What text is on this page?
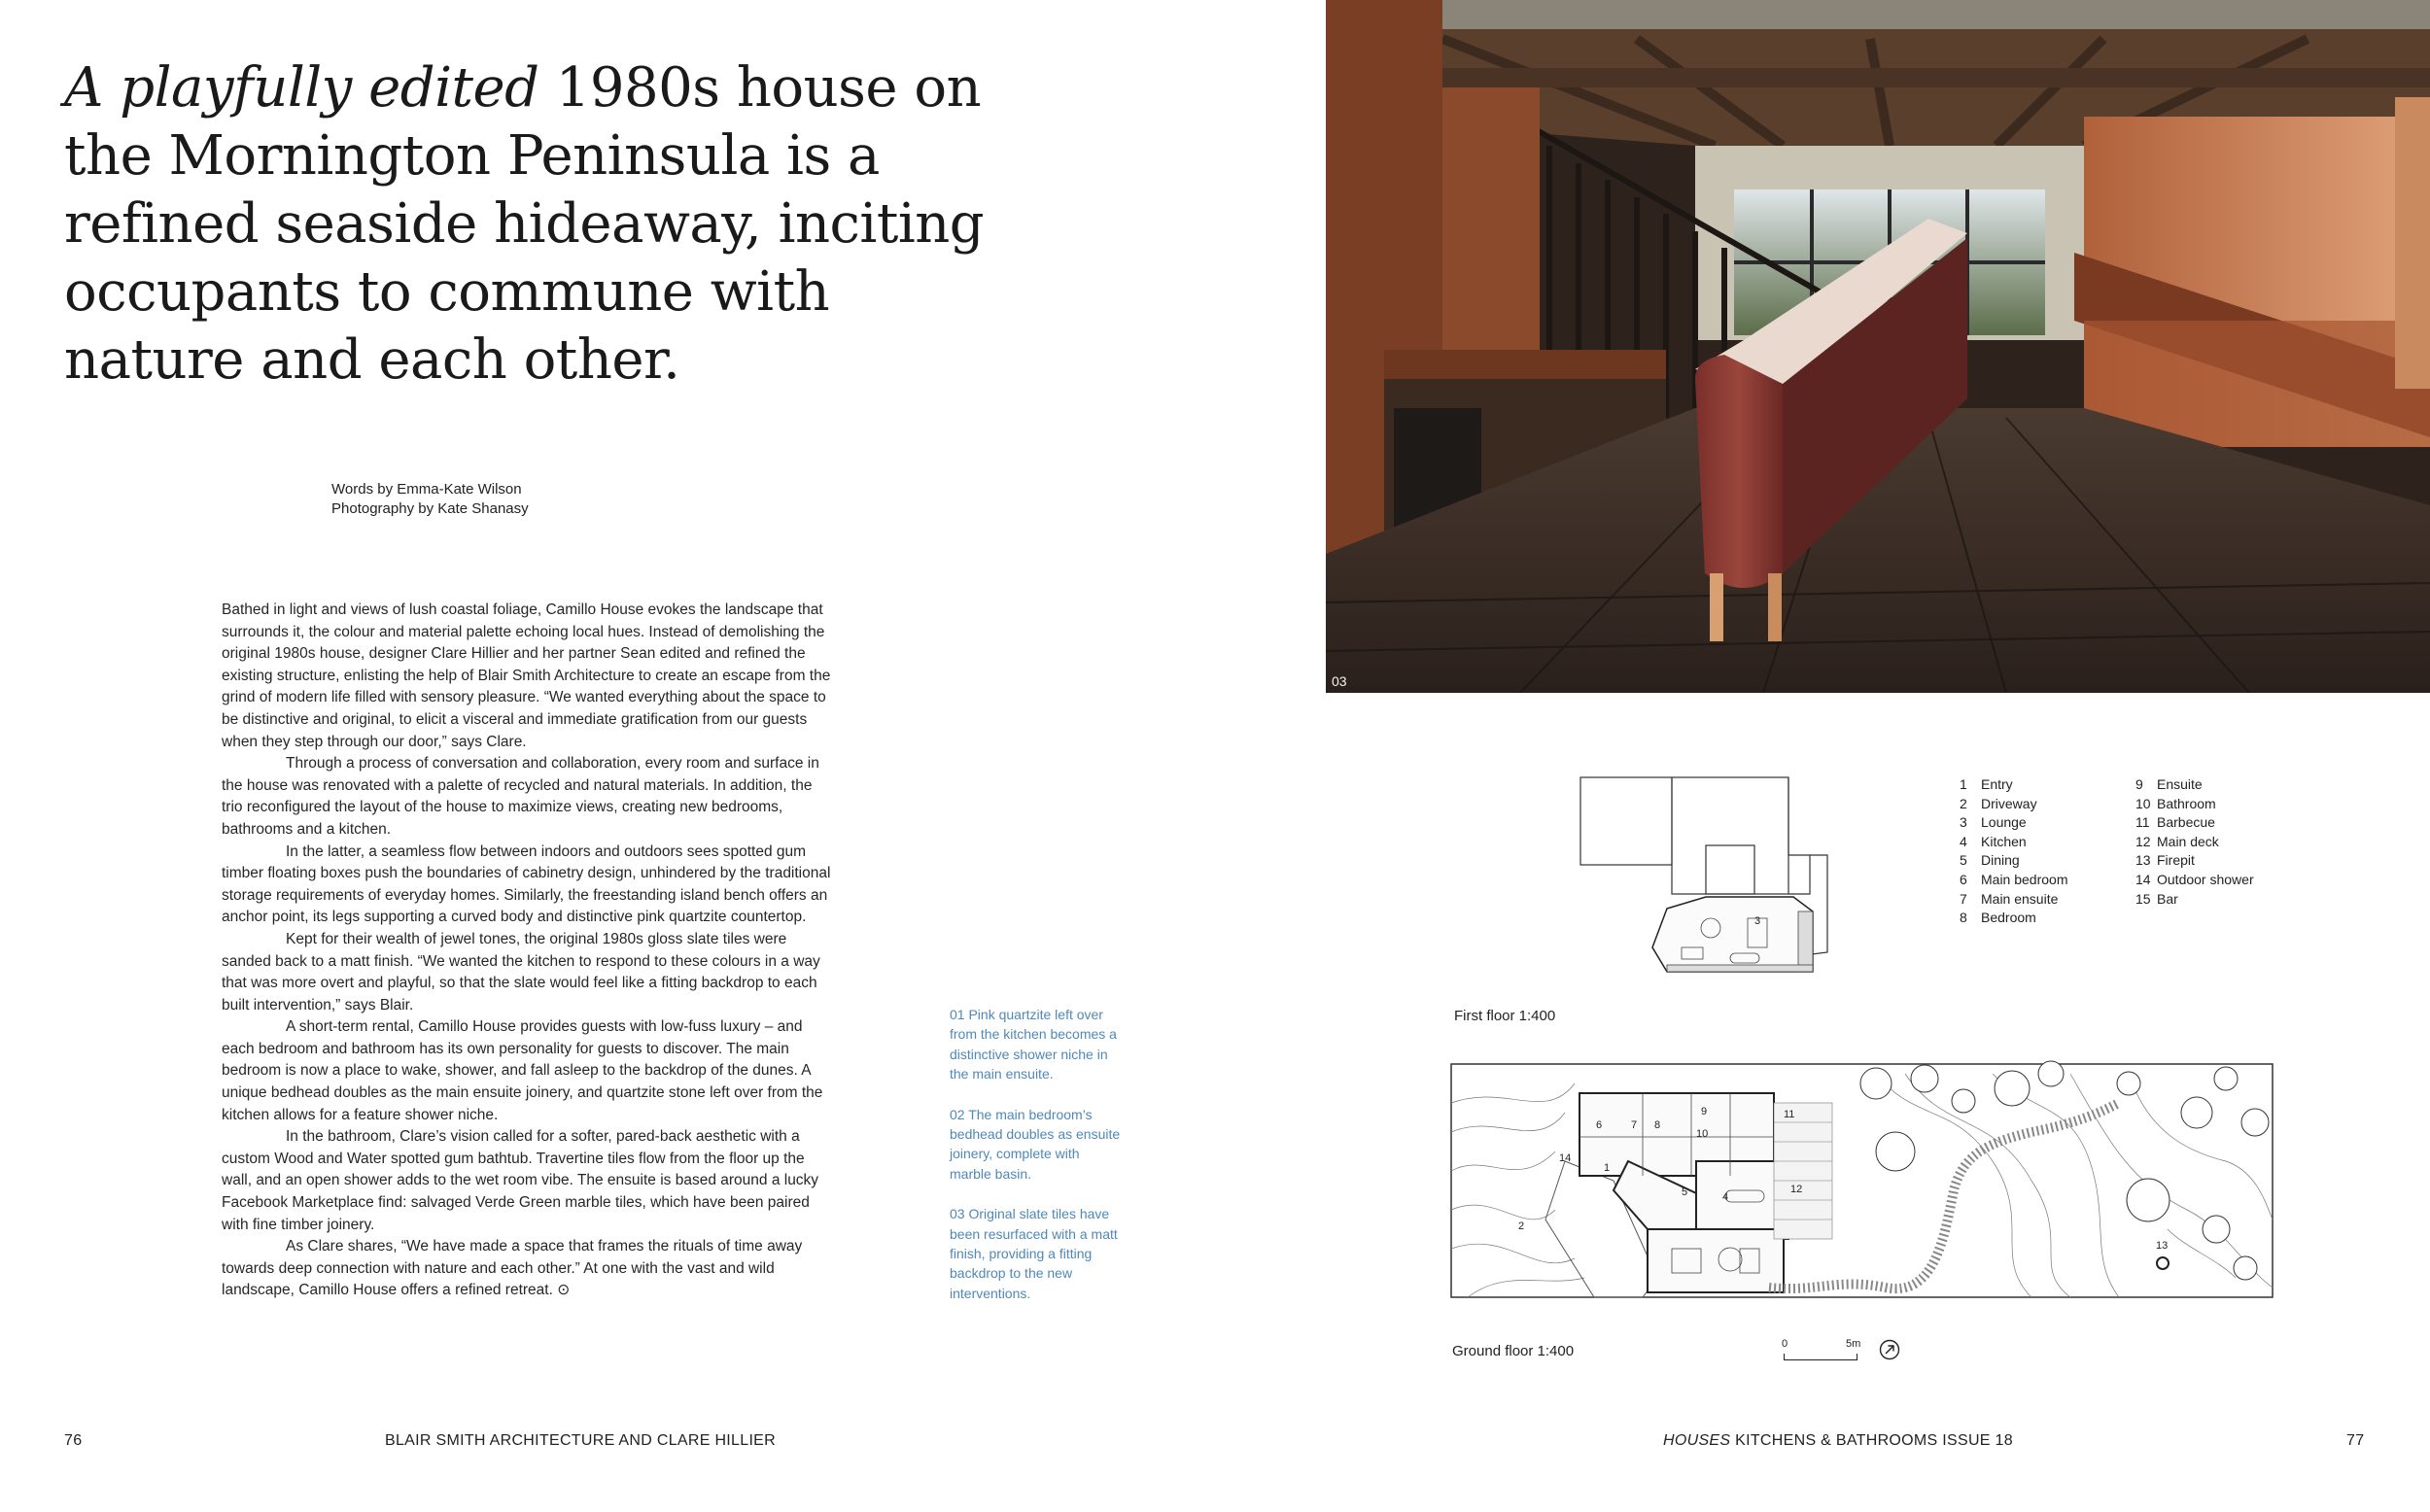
A playfully edited 1980s house on the Mornington Peninsula is a refined seaside hideaway, inciting occupants to commune with nature and each other.
Words by Emma-Kate Wilson
Photography by Kate Shanasy

Bathed in light and views of lush coastal foliage, Camillo House evokes the landscape that surrounds it, the colour and material palette echoing local hues. Instead of demolishing the original 1980s house, designer Clare Hillier and her partner Sean edited and refined the existing structure, enlisting the help of Blair Smith Architecture to create an escape from the grind of modern life filled with sensory pleasure. “We wanted everything about the space to be distinctive and original, to elicit a visceral and immediate gratification from our guests when they step through our door,” says Clare.

Through a process of conversation and collaboration, every room and surface in the house was renovated with a palette of recycled and natural materials. In addition, the trio reconfigured the layout of the house to maximize views, creating new bedrooms, bathrooms and a kitchen.

In the latter, a seamless flow between indoors and outdoors sees spotted gum timber floating boxes push the boundaries of cabinetry design, unhindered by the traditional storage requirements of everyday homes. Similarly, the freestanding island bench offers an anchor point, its legs supporting a curved body and distinctive pink quartzite countertop.

Kept for their wealth of jewel tones, the original 1980s gloss slate tiles were sanded back to a matt finish. “We wanted the kitchen to respond to these colours in a way that was more overt and playful, so that the slate would feel like a fitting backdrop to each built intervention,” says Blair.

A short-term rental, Camillo House provides guests with low-fuss luxury – and each bedroom and bathroom has its own personality for guests to discover. The main bedroom is now a place to wake, shower, and fall asleep to the backdrop of the dunes. A unique bedhead doubles as the main ensuite joinery, and quartzite stone left over from the kitchen allows for a feature shower niche.

In the bathroom, Clare’s vision called for a softer, pared-back aesthetic with a custom Wood and Water spotted gum bathtub. Travertine tiles flow from the floor up the wall, and an open shower adds to the wet room vibe. The ensuite is based around a lucky Facebook Marketplace find: salvaged Verde Green marble tiles, which have been paired with fine timber joinery.

As Clare shares, “We have made a space that frames the rituals of time away towards deep connection with nature and each other.” At one with the vast and wild landscape, Camillo House offers a refined retreat. ⊙

01 Pink quartzite left over from the kitchen becomes a distinctive shower niche in the main ensuite.

02 The main bedroom’s bedhead doubles as ensuite joinery, complete with marble basin.

03 Original slate tiles have been resurfaced with a matt finish, providing a fitting backdrop to the new interventions.

03
3
1 Entry
2 Driveway
3 Lounge
4 Kitchen
5 Dining
6 Main bedroom
7 Main ensuite
8 Bedroom
9 Ensuite
10 Bathroom
11 Barbecue
12 Main deck
13 Firepit
14 Outdoor shower
15 Bar
First floor 1:400
1
2
4
5
6	7 8
9
10
11
12
13
14
Ground floor 1:400	0	5m
76	BLAIR SMITH ARCHITECTURE AND CLARE HILLIER	HOUSES KITCHENS & BATHROOMS ISSUE 18	77
